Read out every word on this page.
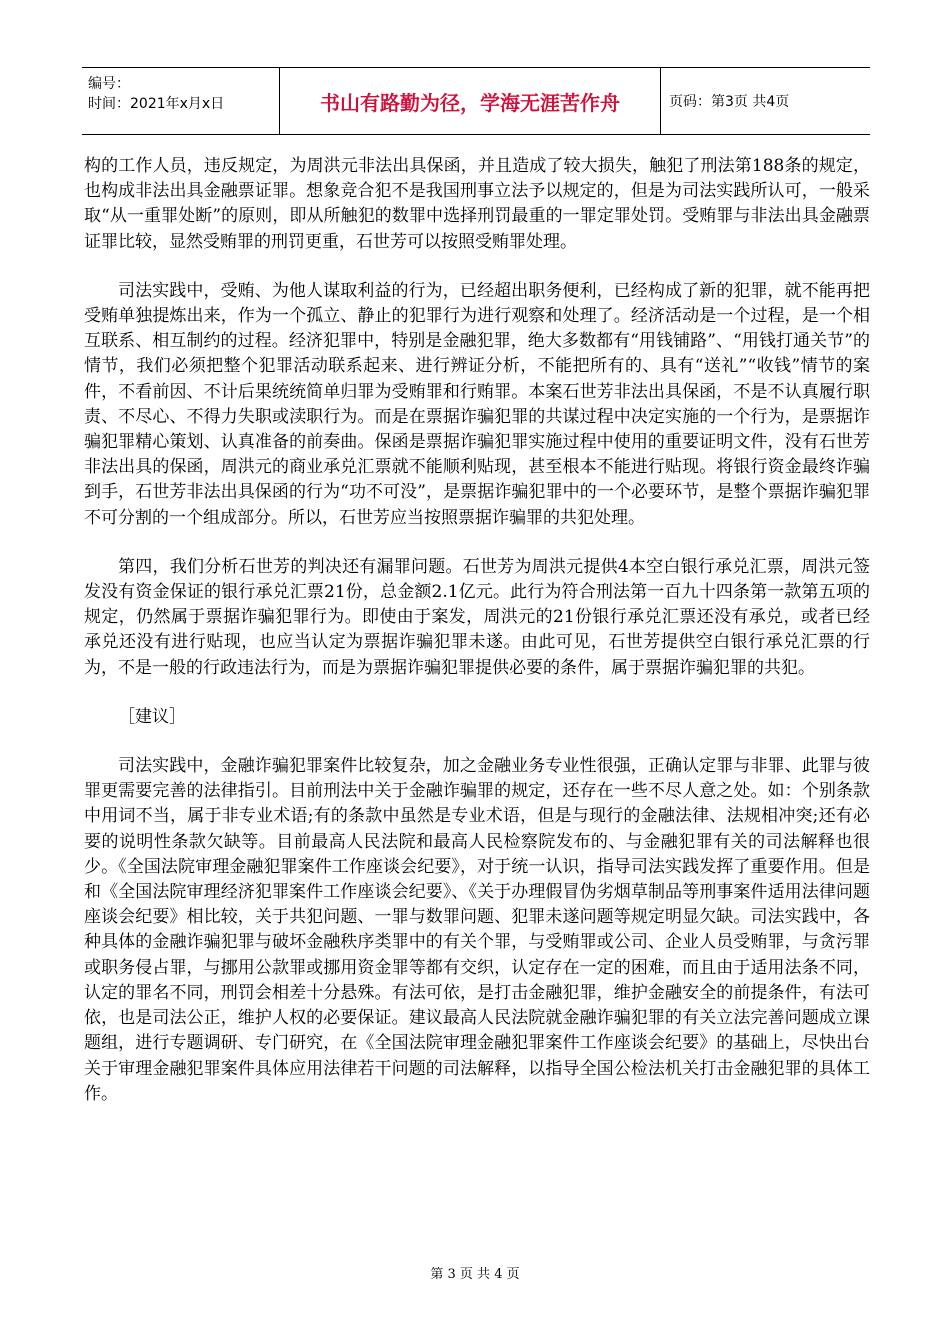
编号：
时间：2021年x月x日	书山有路勤为径，学海无涯苦作舟	页码：第3页 共4页

构的工作人员，违反规定，为周洪元非法出具保函，并且造成了较大损失，触犯了刑法第188条的规定，也构成非法出具金融票证罪。想象竞合犯不是我国刑事立法予以规定的，但是为司法实践所认可，一般采取“从一重罪处断”的原则，即从所触犯的数罪中选择刑罚最重的一罪定罪处罚。受贿罪与非法出具金融票证罪比较，显然受贿罪的刑罚更重，石世芳可以按照受贿罪处理。

司法实践中，受贿、为他人谋取利益的行为，已经超出职务便利，已经构成了新的犯罪，就不能再把受贿单独提炼出来，作为一个孤立、静止的犯罪行为进行观察和处理了。经济活动是一个过程，是一个相互联系、相互制约的过程。经济犯罪中，特别是金融犯罪，绝大多数都有“用钱铺路”、“用钱打通关节”的情节，我们必须把整个犯罪活动联系起来、进行辨证分析，不能把所有的、具有“送礼”“收钱”情节的案件，不看前因、不计后果统统简单归罪为受贿罪和行贿罪。本案石世芳非法出具保函，不是不认真履行职责、不尽心、不得力失职或渎职行为。而是在票据诈骗犯罪的共谋过程中决定实施的一个行为，是票据诈骗犯罪精心策划、认真准备的前奏曲。保函是票据诈骗犯罪实施过程中使用的重要证明文件，没有石世芳非法出具的保函，周洪元的商业承兑汇票就不能顺利贴现，甚至根本不能进行贴现。将银行资金最终诈骗到手，石世芳非法出具保函的行为“功不可没”，是票据诈骗犯罪中的一个必要环节，是整个票据诈骗犯罪不可分割的一个组成部分。所以，石世芳应当按照票据诈骗罪的共犯处理。

第四，我们分析石世芳的判决还有漏罪问题。石世芳为周洪元提供4本空白银行承兑汇票，周洪元签发没有资金保证的银行承兑汇票21份，总金额2.1亿元。此行为符合刑法第一百九十四条第一款第五项的规定，仍然属于票据诈骗犯罪行为。即使由于案发，周洪元的21份银行承兑汇票还没有承兑，或者已经承兑还没有进行贴现，也应当认定为票据诈骗犯罪未遂。由此可见，石世芳提供空白银行承兑汇票的行为，不是一般的行政违法行为，而是为票据诈骗犯罪提供必要的条件，属于票据诈骗犯罪的共犯。

［建议］

司法实践中，金融诈骗犯罪案件比较复杂，加之金融业务专业性很强，正确认定罪与非罪、此罪与彼罪更需要完善的法律指引。目前刑法中关于金融诈骗罪的规定，还存在一些不尽人意之处。如：个别条款中用词不当，属于非专业术语;有的条款中虽然是专业术语，但是与现行的金融法律、法规相冲突;还有必要的说明性条款欠缺等。目前最高人民法院和最高人民检察院发布的、与金融犯罪有关的司法解释也很少。《全国法院审理金融犯罪案件工作座谈会纪要》，对于统一认识，指导司法实践发挥了重要作用。但是和《全国法院审理经济犯罪案件工作座谈会纪要》、《关于办理假冒伪劣烟草制品等刑事案件适用法律问题座谈会纪要》相比较，关于共犯问题、一罪与数罪问题、犯罪未遂问题等规定明显欠缺。司法实践中，各种具体的金融诈骗犯罪与破坏金融秩序类罪中的有关个罪，与受贿罪或公司、企业人员受贿罪，与贪污罪或职务侵占罪，与挪用公款罪或挪用资金罪等都有交织，认定存在一定的困难，而且由于适用法条不同，认定的罪名不同，刑罚会相差十分悬殊。有法可依，是打击金融犯罪，维护金融安全的前提条件，有法可依，也是司法公正，维护人权的必要保证。建议最高人民法院就金融诈骗犯罪的有关立法完善问题成立课题组，进行专题调研、专门研究，在《全国法院审理金融犯罪案件工作座谈会纪要》的基础上，尽快出台关于审理金融犯罪案件具体应用法律若干问题的司法解释，以指导全国公检法机关打击金融犯罪的具体工作。

第 3 页 共 4 页
